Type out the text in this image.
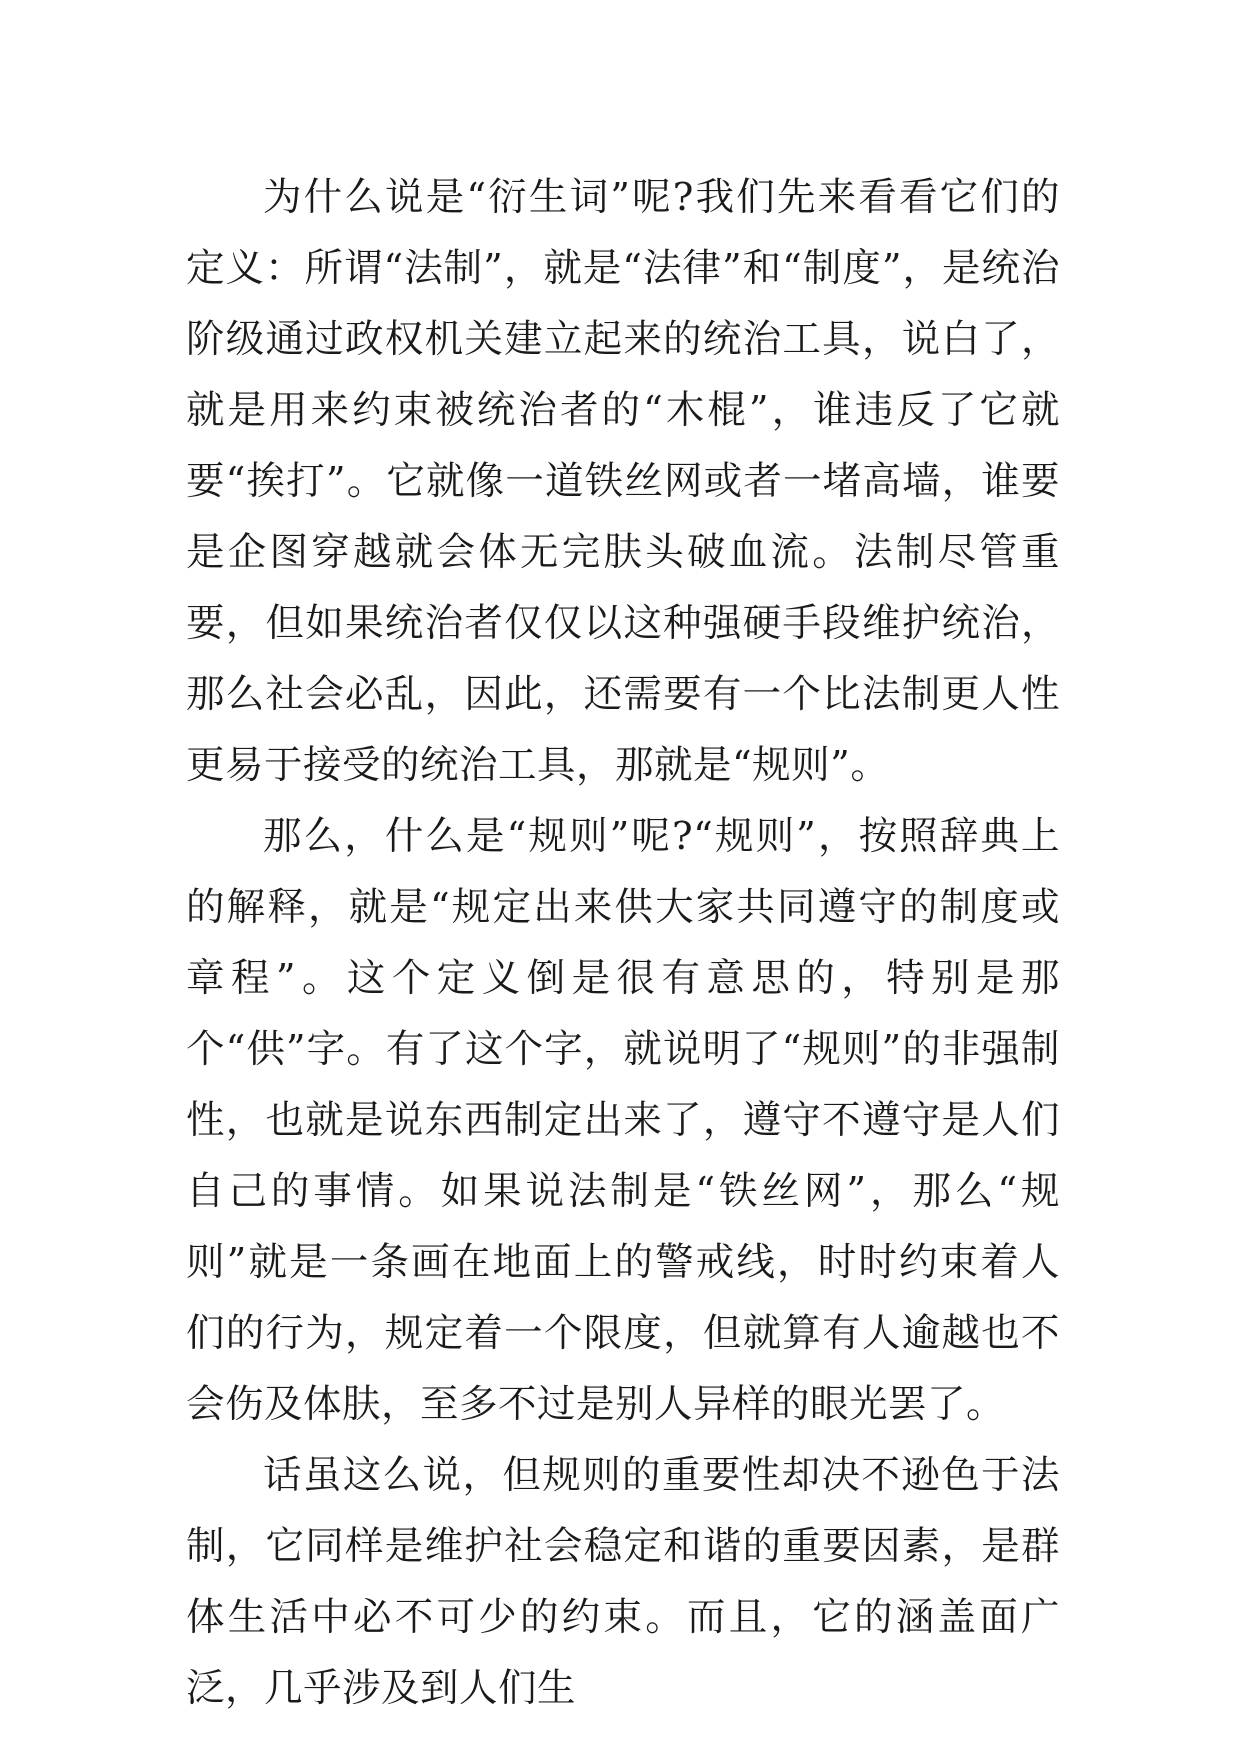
为什么说是“衍生词”呢?我们先来看看它们的定义：所谓“法制”，就是“法律”和“制度”，是统治阶级通过政权机关建立起来的统治工具，说白了，就是用来约束被统治者的“木棍”，谁违反了它就要“挨打”。它就像一道铁丝网或者一堵高墙，谁要是企图穿越就会体无完肤头破血流。法制尽管重要，但如果统治者仅仅以这种强硬手段维护统治，那么社会必乱，因此，还需要有一个比法制更人性更易于接受的统治工具，那就是“规则”。

那么，什么是“规则”呢?“规则”，按照辞典上的解释，就是“规定出来供大家共同遵守的制度或章程”。这个定义倒是很有意思的，特别是那个“供”字。有了这个字，就说明了“规则”的非强制性，也就是说东西制定出来了，遵守不遵守是人们自己的事情。如果说法制是“铁丝网”，那么“规则”就是一条画在地面上的警戒线，时时约束着人们的行为，规定着一个限度，但就算有人逾越也不会伤及体肤，至多不过是别人异样的眼光罢了。

话虽这么说，但规则的重要性却决不逊色于法制，它同样是维护社会稳定和谐的重要因素，是群体生活中必不可少的约束。而且，它的涵盖面广泛，几乎涉及到人们生
